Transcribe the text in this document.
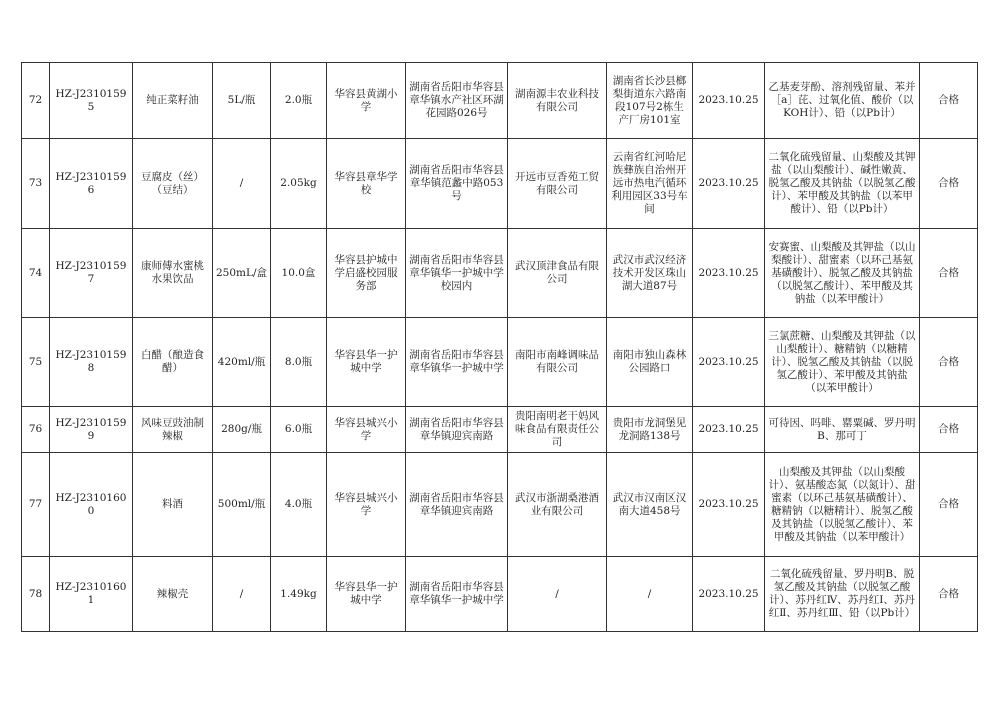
72	HZ-J23101595	纯正菜籽油	5L/瓶	2.0瓶	华容县黄湖小学	湖南省岳阳市华容县章华镇水产社区环湖花园路026号	湖南源丰农业科技有限公司	湖南省长沙县榔梨街道东六路南段107号2栋生产厂房101室	2023.10.25	乙基麦芽酚、溶剂残留量、苯并［a］芘、过氧化值、酸价（以KOH计）、铅（以Pb计）	合格
73	HZ-J23101596	豆腐皮（丝）（豆结）	/	2.05kg	华容县章华学校	湖南省岳阳市华容县章华镇范蠡中路053号	开远市豆香苑工贸有限公司	云南省红河哈尼族彝族自治州开远市热电汽循环利用园区33号车间	2023.10.25	二氧化硫残留量、山梨酸及其钾盐（以山梨酸计）、碱性嫩黄、脱氢乙酸及其钠盐（以脱氢乙酸计）、苯甲酸及其钠盐（以苯甲酸计）、铅（以Pb计）	合格
74	HZ-J23101597	康师傅水蜜桃水果饮品	250mL/盒	10.0盒	华容县护城中学启盛校园服务部	湖南省岳阳市华容县章华镇华一护城中学校园内	武汉顶津食品有限公司	武汉市武汉经济技术开发区珠山湖大道87号	2023.10.25	安赛蜜、山梨酸及其钾盐（以山梨酸计）、甜蜜素（以环己基氨基磺酸计）、脱氢乙酸及其钠盐（以脱氢乙酸计）、苯甲酸及其钠盐（以苯甲酸计）	合格
75	HZ-J23101598	白醋（酿造食醋）	420ml/瓶	8.0瓶	华容县华一护城中学	湖南省岳阳市华容县章华镇华一护城中学	南阳市南峰调味品有限公司	南阳市独山森林公园路口	2023.10.25	三氯蔗糖、山梨酸及其钾盐（以山梨酸计）、糖精钠（以糖精计）、脱氢乙酸及其钠盐（以脱氢乙酸计）、苯甲酸及其钠盐（以苯甲酸计）	合格
76	HZ-J23101599	风味豆豉油制辣椒	280g/瓶	6.0瓶	华容县城兴小学	湖南省岳阳市华容县章华镇迎宾南路	贵阳南明老干妈风味食品有限责任公司	贵阳市龙洞堡见龙洞路138号	2023.10.25	可待因、吗啡、罂粟碱、罗丹明B、那可丁	合格
77	HZ-J23101600	料酒	500ml/瓶	4.0瓶	华容县城兴小学	湖南省岳阳市华容县章华镇迎宾南路	武汉市浙湖桑港酒业有限公司	武汉市汉南区汉南大道458号	2023.10.25	山梨酸及其钾盐（以山梨酸计）、氨基酸态氮（以氮计）、甜蜜素（以环己基氨基磺酸计）、糖精钠（以糖精计）、脱氢乙酸及其钠盐（以脱氢乙酸计）、苯甲酸及其钠盐（以苯甲酸计）	合格
78	HZ-J23101601	辣椒壳	/	1.49kg	华容县华一护城中学	湖南省岳阳市华容县章华镇华一护城中学	/	/	2023.10.25	二氧化硫残留量、罗丹明B、脱氢乙酸及其钠盐（以脱氢乙酸计）、苏丹红Ⅳ、苏丹红Ⅰ、苏丹红Ⅱ、苏丹红Ⅲ、铅（以Pb计）	合格
